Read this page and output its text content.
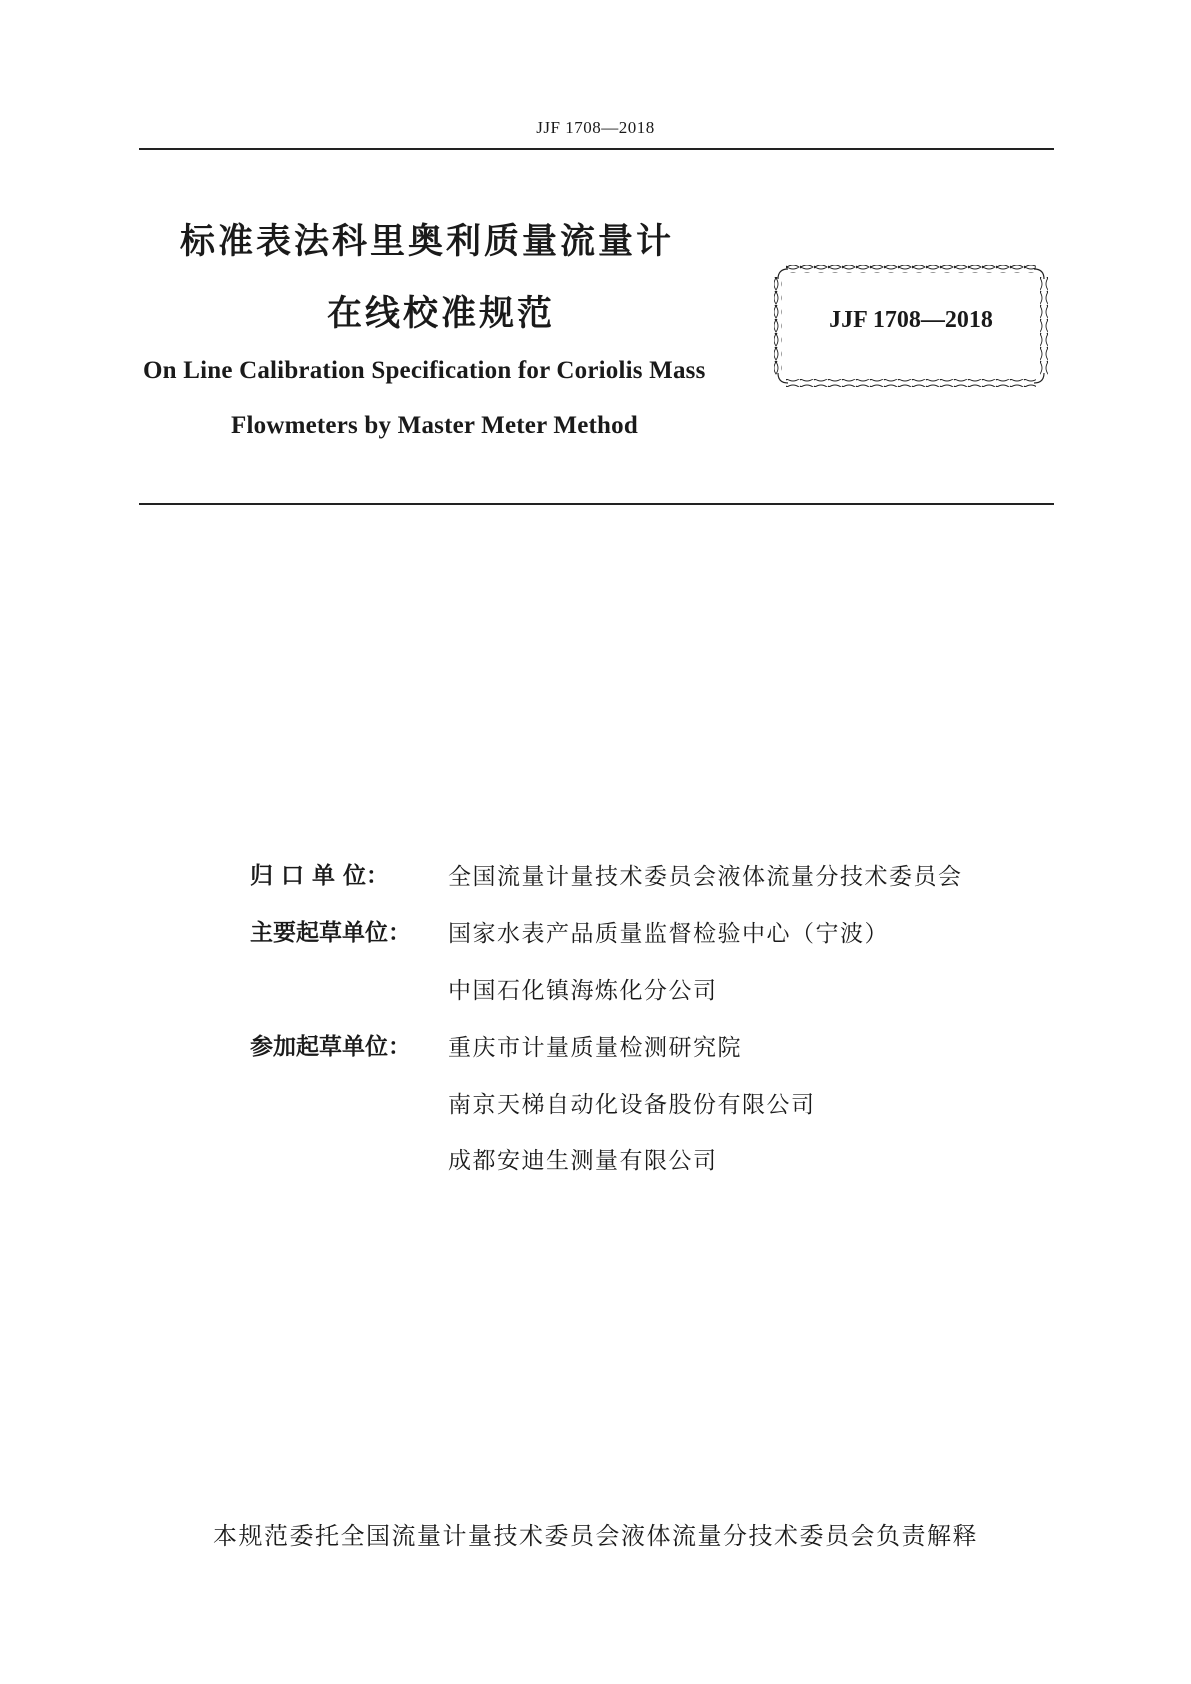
JJF 1708—2018
标准表法科里奥利质量流量计
在线校准规范
On Line Calibration Specification for Coriolis Mass
Flowmeters by Master Meter Method
JJF 1708—2018
归 口 单 位：	全国流量计量技术委员会液体流量分技术委员会
主要起草单位： 国家水表产品质量监督检验中心（宁波）
中国石化镇海炼化分公司
参加起草单位： 重庆市计量质量检测研究院
南京天梯自动化设备股份有限公司
成都安迪生测量有限公司
本规范委托全国流量计量技术委员会液体流量分技术委员会负责解释
